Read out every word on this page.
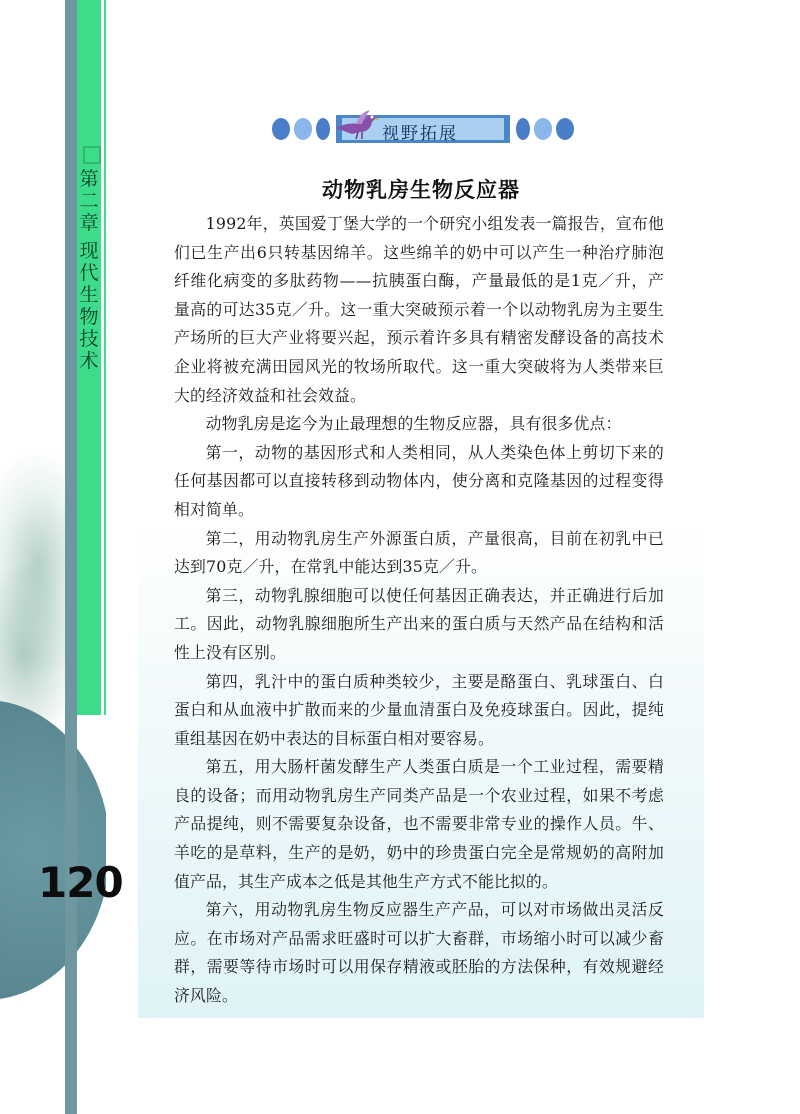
第二章
现代生物技术
120
视野拓展
动物乳房生物反应器

1992年，英国爱丁堡大学的一个研究小组发表一篇报告，宣布他们已生产出6只转基因绵羊。这些绵羊的奶中可以产生一种治疗肺泡纤维化病变的多肽药物——抗胰蛋白酶，产量最低的是1克／升，产量高的可达35克／升。这一重大突破预示着一个以动物乳房为主要生产场所的巨大产业将要兴起，预示着许多具有精密发酵设备的高技术企业将被充满田园风光的牧场所取代。这一重大突破将为人类带来巨大的经济效益和社会效益。

动物乳房是迄今为止最理想的生物反应器，具有很多优点：

第一，动物的基因形式和人类相同，从人类染色体上剪切下来的任何基因都可以直接转移到动物体内，使分离和克隆基因的过程变得相对简单。

第二，用动物乳房生产外源蛋白质，产量很高，目前在初乳中已达到70克／升，在常乳中能达到35克／升。

第三，动物乳腺细胞可以使任何基因正确表达，并正确进行后加工。因此，动物乳腺细胞所生产出来的蛋白质与天然产品在结构和活性上没有区别。

第四，乳汁中的蛋白质种类较少，主要是酪蛋白、乳球蛋白、白蛋白和从血液中扩散而来的少量血清蛋白及免疫球蛋白。因此，提纯重组基因在奶中表达的目标蛋白相对要容易。

第五，用大肠杆菌发酵生产人类蛋白质是一个工业过程，需要精良的设备；而用动物乳房生产同类产品是一个农业过程，如果不考虑产品提纯，则不需要复杂设备，也不需要非常专业的操作人员。牛、羊吃的是草料，生产的是奶，奶中的珍贵蛋白完全是常规奶的高附加值产品，其生产成本之低是其他生产方式不能比拟的。

第六，用动物乳房生物反应器生产产品，可以对市场做出灵活反应。在市场对产品需求旺盛时可以扩大畜群，市场缩小时可以减少畜群，需要等待市场时可以用保存精液或胚胎的方法保种，有效规避经济风险。
